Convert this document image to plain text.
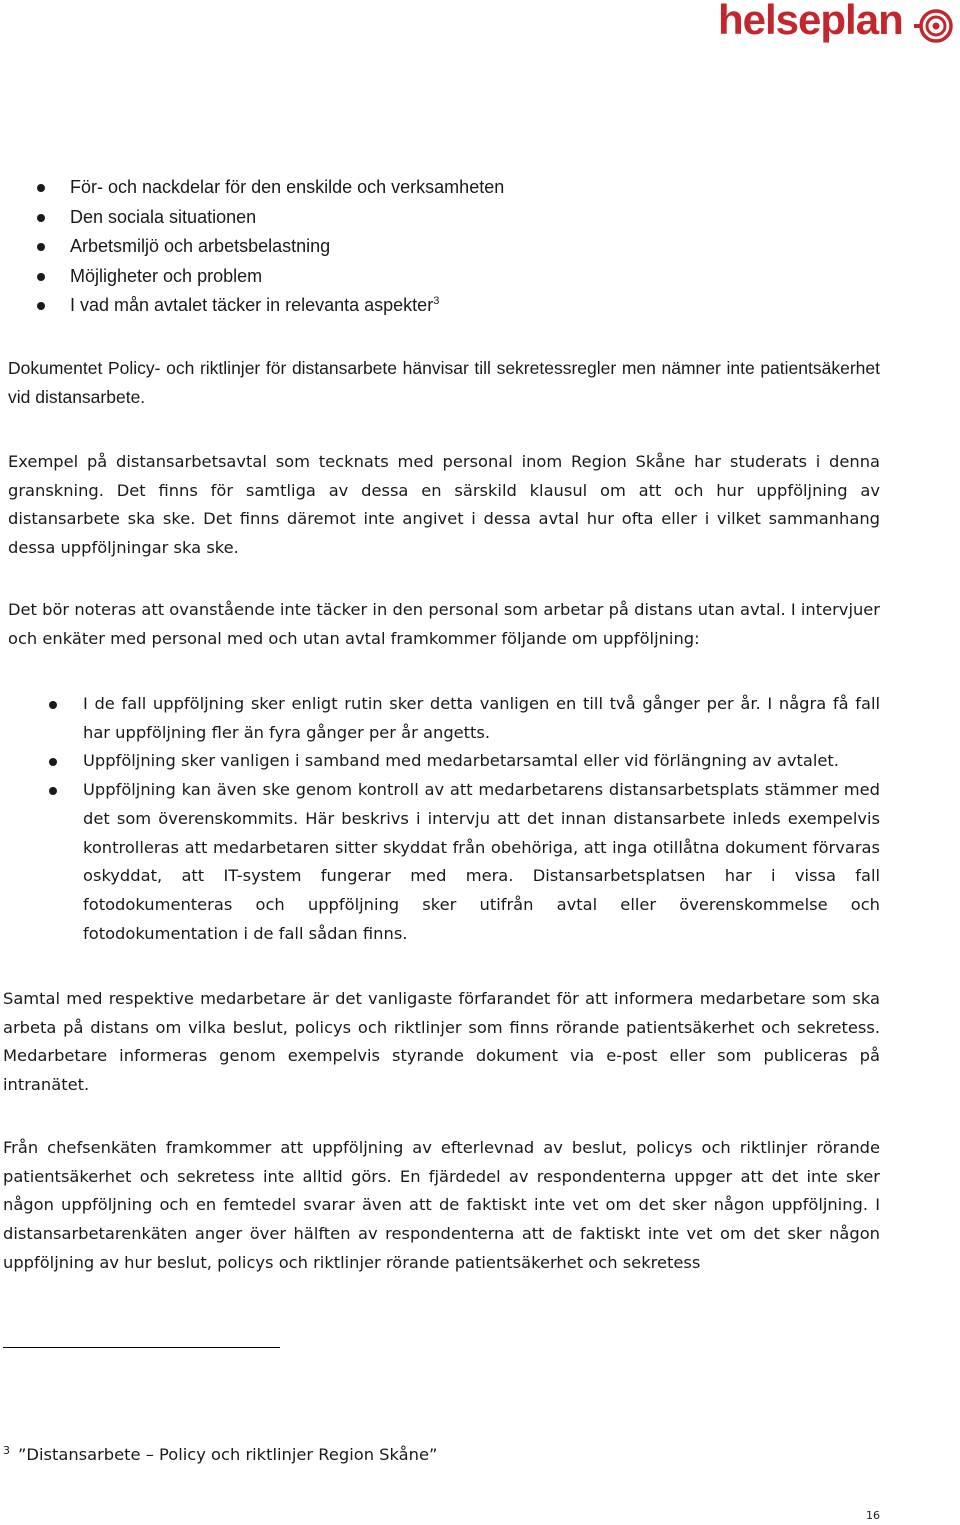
helseplan
För- och nackdelar för den enskilde och verksamheten
Den sociala situationen
Arbetsmiljö och arbetsbelastning
Möjligheter och problem
I vad mån avtalet täcker in relevanta aspekter$^3$

Dokumentet Policy- och riktlinjer för distansarbete hänvisar till sekretessregler men nämner inte patientsäkerhet vid distansarbete.

Exempel på distansarbetsavtal som tecknats med personal inom Region Skåne har studerats i denna granskning. Det finns för samtliga av dessa en särskild klausul om att och hur uppföljning av distansarbete ska ske. Det finns däremot inte angivet i dessa avtal hur ofta eller i vilket sammanhang dessa uppföljningar ska ske.

Det bör noteras att ovanstående inte täcker in den personal som arbetar på distans utan avtal. I intervjuer och enkäter med personal med och utan avtal framkommer följande om uppföljning:

I de fall uppföljning sker enligt rutin sker detta vanligen en till två gånger per år. I några få fall har uppföljning fler än fyra gånger per år angetts.
Uppföljning sker vanligen i samband med medarbetarsamtal eller vid förlängning av avtalet.
Uppföljning kan även ske genom kontroll av att medarbetarens distansarbetsplats stämmer med det som överenskommits. Här beskrivs i intervju att det innan distansarbete inleds exempelvis kontrolleras att medarbetaren sitter skyddat från obehöriga, att inga otillåtna dokument förvaras oskyddat, att IT-system fungerar med mera. Distansarbetsplatsen har i vissa fall fotodokumenteras och uppföljning sker utifrån avtal eller överenskommelse och fotodokumentation i de fall sådan finns.

Samtal med respektive medarbetare är det vanligaste förfarandet för att informera medarbetare som ska arbeta på distans om vilka beslut, policys och riktlinjer som finns rörande patientsäkerhet och sekretess. Medarbetare informeras genom exempelvis styrande dokument via e-post eller som publiceras på intranätet.

Från chefsenkäten framkommer att uppföljning av efterlevnad av beslut, policys och riktlinjer rörande patientsäkerhet och sekretess inte alltid görs. En fjärdedel av respondenterna uppger att det inte sker någon uppföljning och en femtedel svarar även att de faktiskt inte vet om det sker någon uppföljning. I distansarbetarenkäten anger över hälften av respondenterna att de faktiskt inte vet om det sker någon uppföljning av hur beslut, policys och riktlinjer rörande patientsäkerhet och sekretess

$^3$ ”Distansarbete – Policy och riktlinjer Region Skåne”
16
